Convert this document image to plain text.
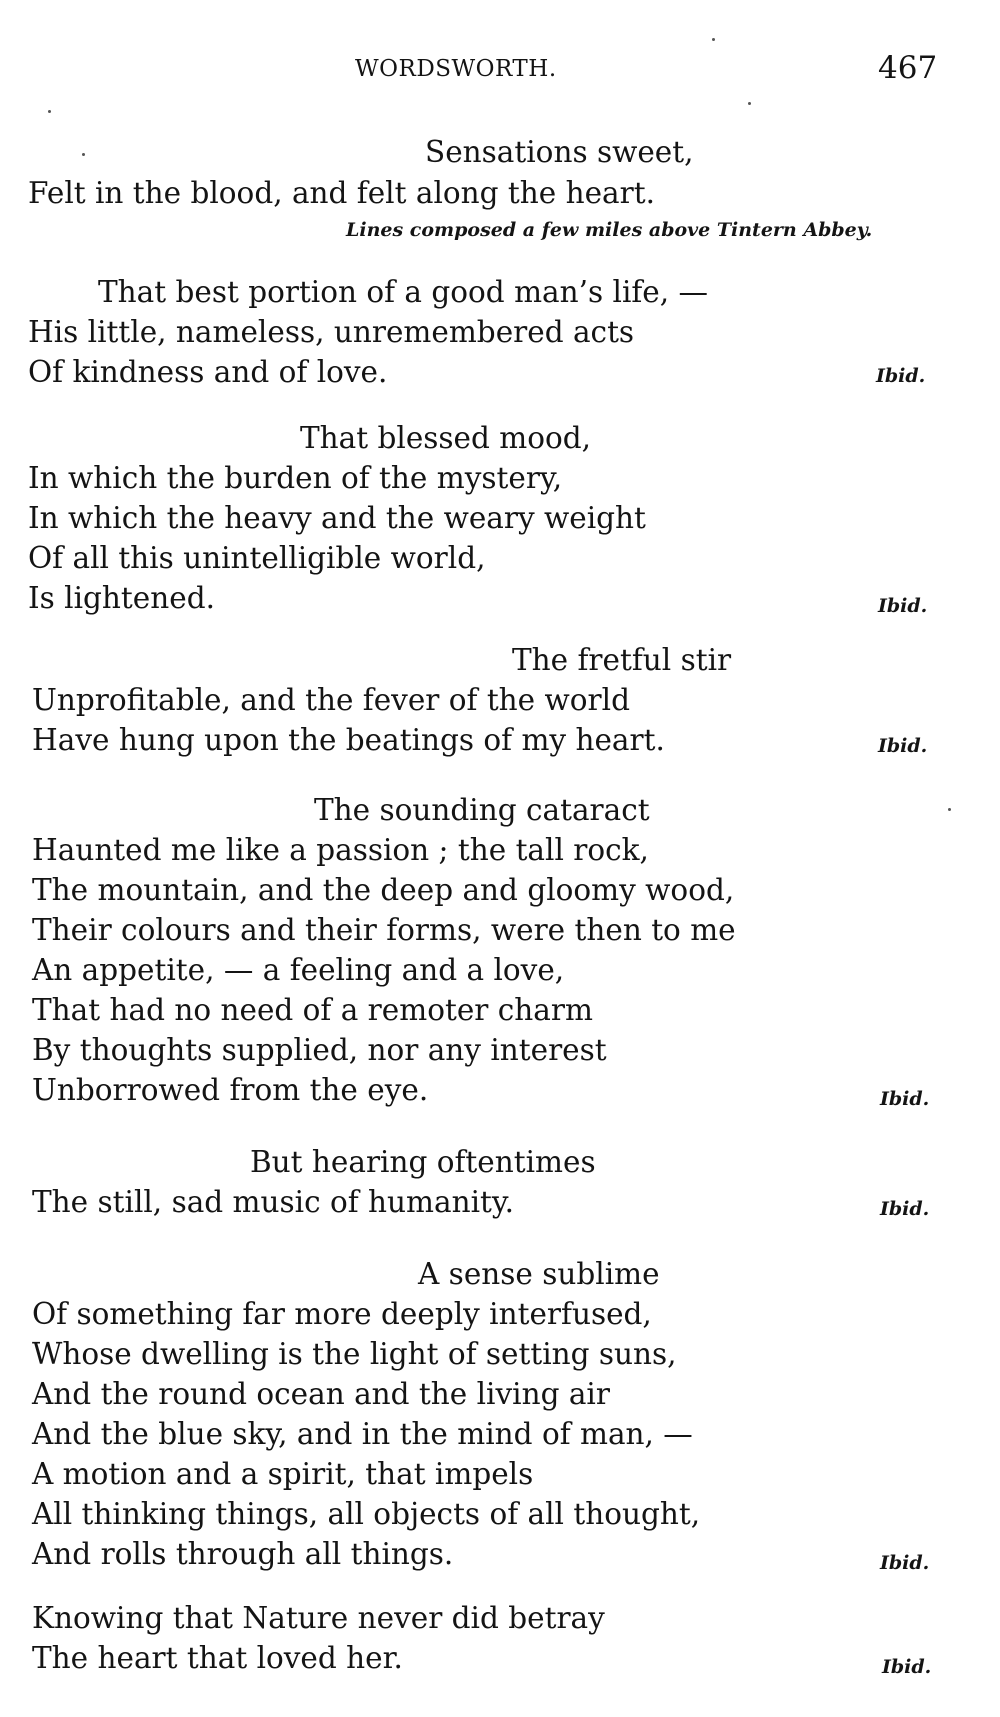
WORDSWORTH.	467
Sensations sweet,
Felt in the blood, and felt along the heart.
Lines composed a few miles above Tintern Abbey.
That best portion of a good man’s life, —
His little, nameless, unremembered acts
Of kindness and of love.	Ibid.
That blessed mood,
In which the burden of the mystery,
In which the heavy and the weary weight
Of all this unintelligible world,
Is lightened.	Ibid.
The fretful stir
Unprofitable, and the fever of the world
Have hung upon the beatings of my heart.	Ibid.
The sounding cataract
Haunted me like a passion ; the tall rock,
The mountain, and the deep and gloomy wood,
Their colours and their forms, were then to me
An appetite, — a feeling and a love,
That had no need of a remoter charm
By thoughts supplied, nor any interest
Unborrowed from the eye.	Ibid.
But hearing oftentimes
The still, sad music of humanity.	Ibid.
A sense sublime
Of something far more deeply interfused,
Whose dwelling is the light of setting suns,
And the round ocean and the living air
And the blue sky, and in the mind of man, —
A motion and a spirit, that impels
All thinking things, all objects of all thought,
And rolls through all things.	Ibid.
Knowing that Nature never did betray
The heart that loved her.	Ibid.
